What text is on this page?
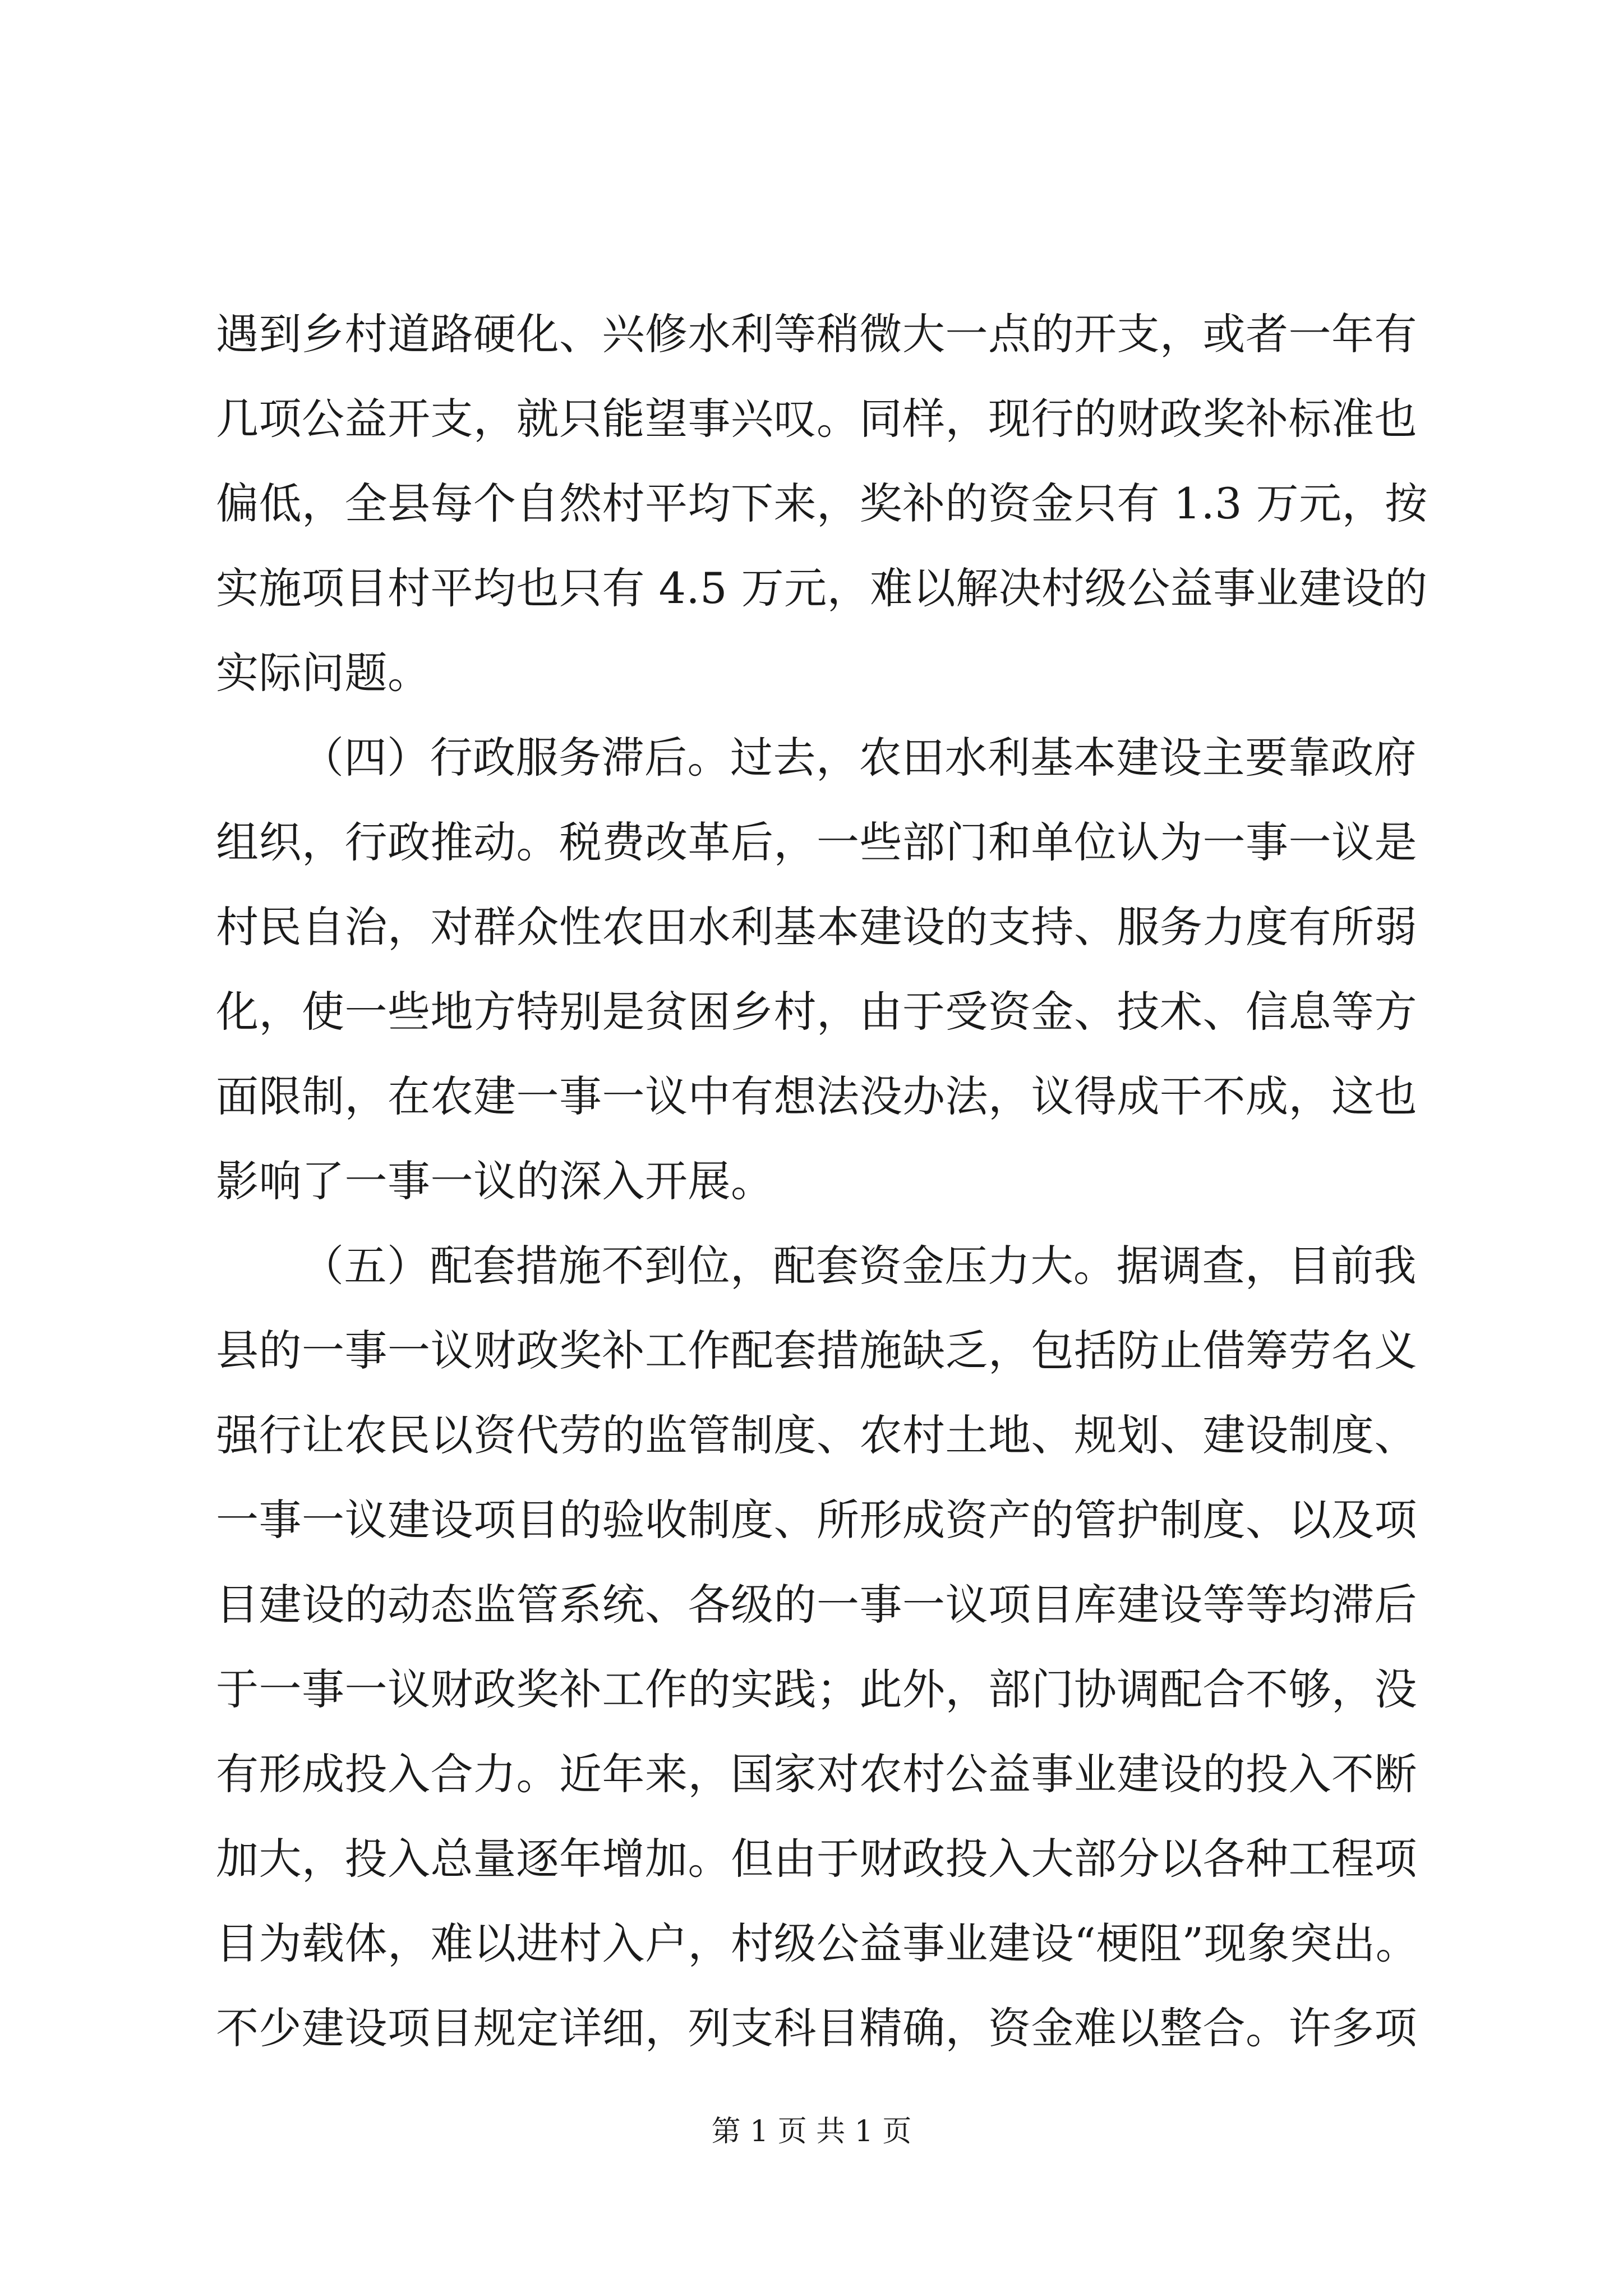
遇到乡村道路硬化、兴修水利等稍微大一点的开支，或者一年有
几项公益开支，就只能望事兴叹。同样，现行的财政奖补标准也
偏低，全县每个自然村平均下来，奖补的资金只有 1.3 万元，按
实施项目村平均也只有 4.5 万元，难以解决村级公益事业建设的
实际问题。
（四）行政服务滞后。过去，农田水利基本建设主要靠政府
组织，行政推动。税费改革后，一些部门和单位认为一事一议是
村民自治，对群众性农田水利基本建设的支持、服务力度有所弱
化，使一些地方特别是贫困乡村，由于受资金、技术、信息等方
面限制，在农建一事一议中有想法没办法，议得成干不成，这也
影响了一事一议的深入开展。
（五）配套措施不到位，配套资金压力大。据调查，目前我
县的一事一议财政奖补工作配套措施缺乏，包括防止借筹劳名义
强行让农民以资代劳的监管制度、农村土地、规划、建设制度、
一事一议建设项目的验收制度、所形成资产的管护制度、以及项
目建设的动态监管系统、各级的一事一议项目库建设等等均滞后
于一事一议财政奖补工作的实践；此外，部门协调配合不够，没
有形成投入合力。近年来，国家对农村公益事业建设的投入不断
加大，投入总量逐年增加。但由于财政投入大部分以各种工程项
目为载体，难以进村入户，村级公益事业建设“梗阻”现象突出。
不少建设项目规定详细，列支科目精确，资金难以整合。许多项
第 1 页 共 1 页
